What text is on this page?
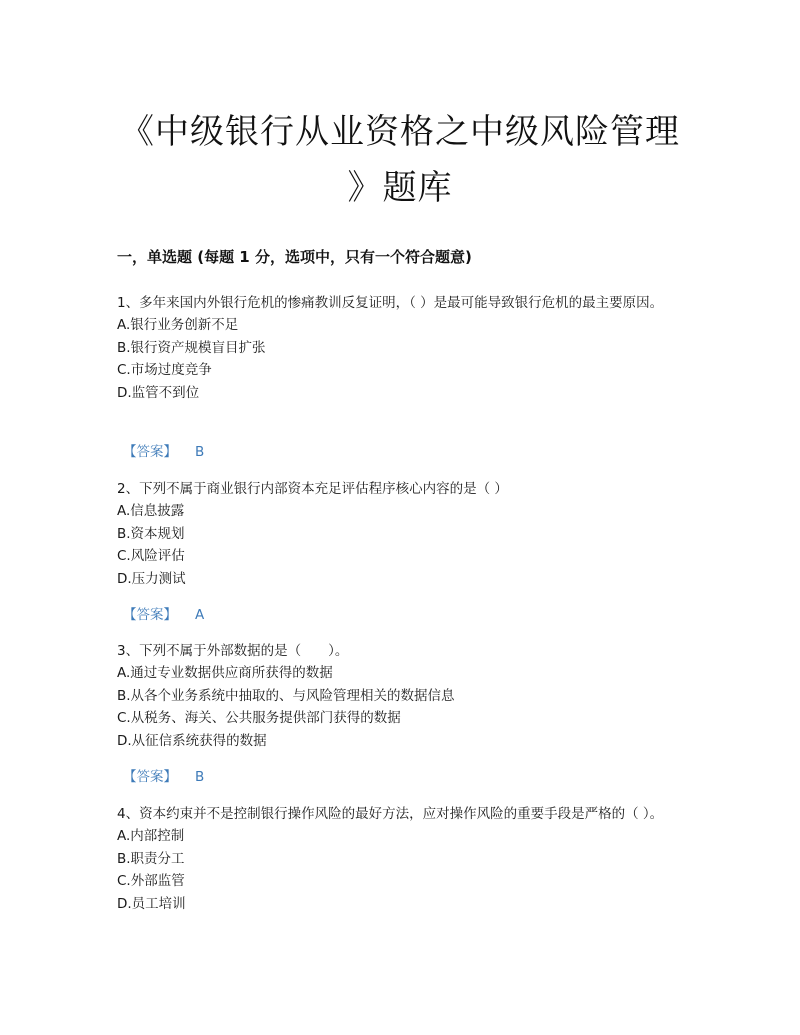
《中级银行从业资格之中级风险管理
》题库
一，单选题 (每题 1 分，选项中，只有一个符合题意)

1、多年来国内外银行危机的惨痛教训反复证明，（ ）是最可能导致银行危机的最主要原因。

A.银行业务创新不足

B.银行资产规模盲目扩张

C.市场过度竞争

D.监管不到位

【答案】 B

2、下列不属于商业银行内部资本充足评估程序核心内容的是（ ）

A.信息披露

B.资本规划

C.风险评估

D.压力测试

【答案】 A

3、下列不属于外部数据的是（　　）。

A.通过专业数据供应商所获得的数据

B.从各个业务系统中抽取的、与风险管理相关的数据信息

C.从税务、海关、公共服务提供部门获得的数据

D.从征信系统获得的数据

【答案】 B

4、资本约束并不是控制银行操作风险的最好方法，应对操作风险的重要手段是严格的（ ）。

A.内部控制

B.职责分工

C.外部监管

D.员工培训
